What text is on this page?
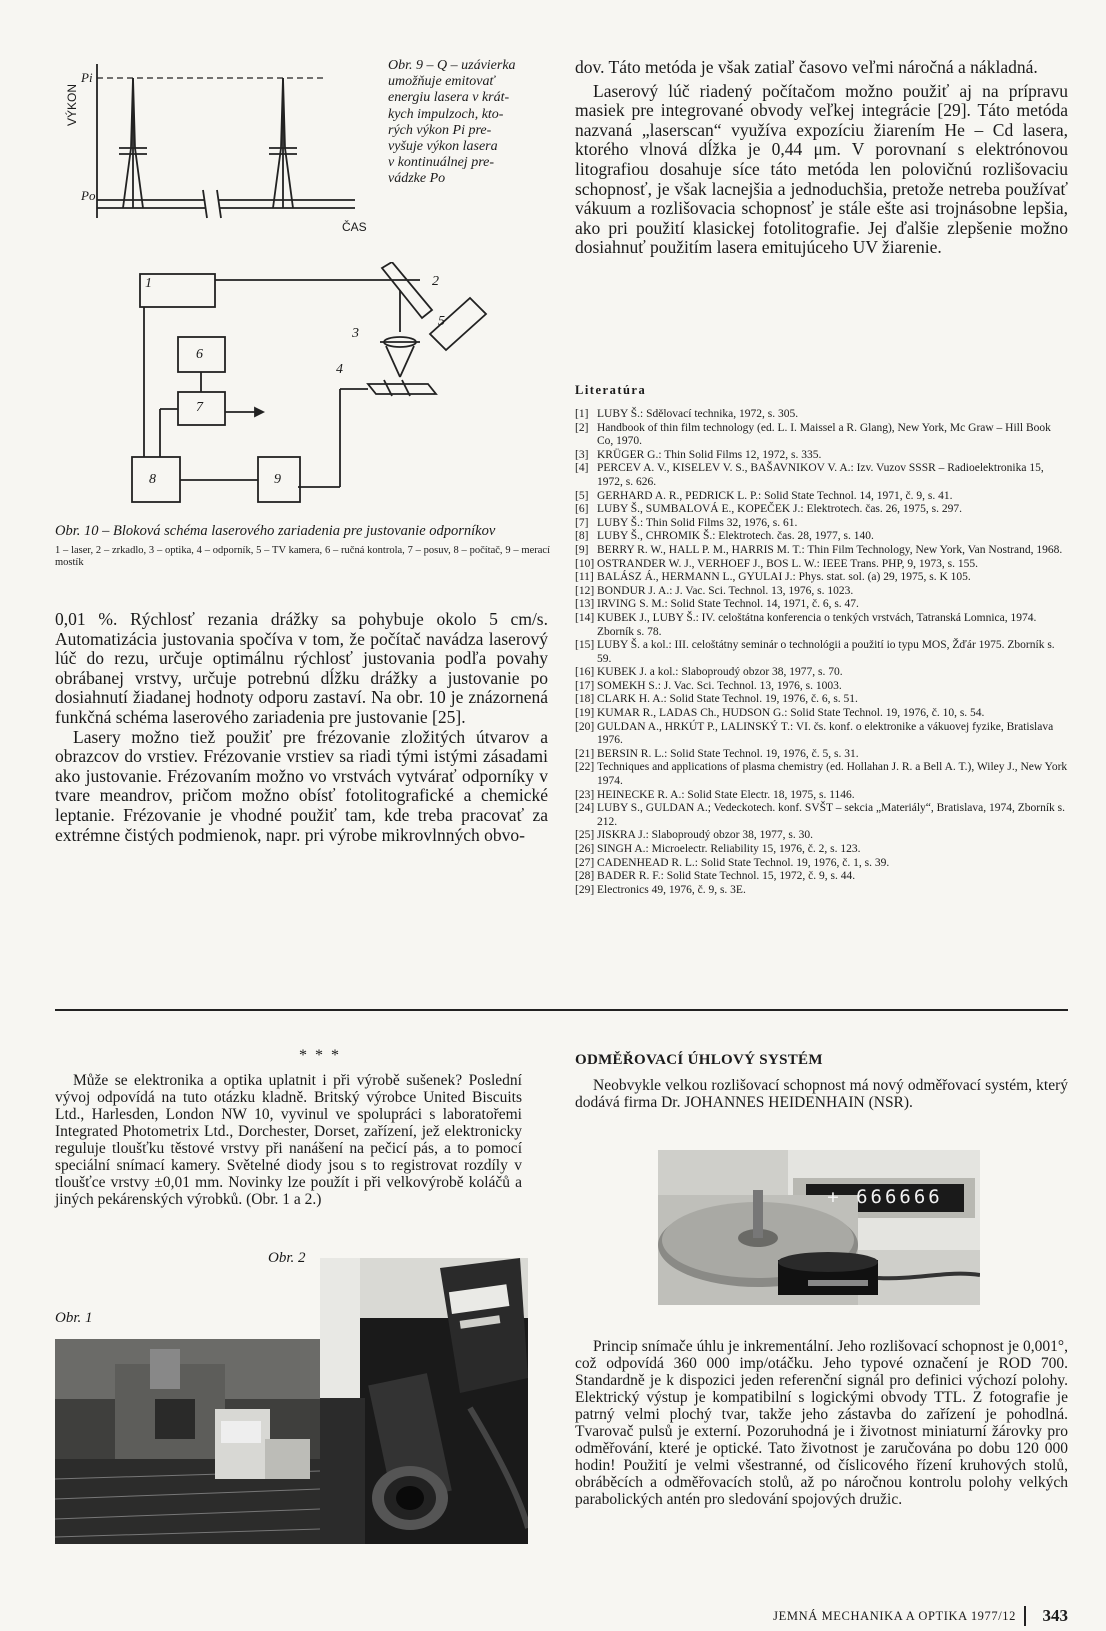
VÝKON
Pi
Po
ČAS
Obr. 9 – Q – uzávierka
umožňuje emitovať
energiu lasera v krát-
kych impulzoch, kto-
rých výkon Pi pre-
vyšuje výkon lasera
v kontinuálnej pre-
vádzke Po
1	2
3
4
5
6
7
8	9
Obr. 10 – Bloková schéma laserového zariadenia pre justovanie odporníkov
1 – laser, 2 – zrkadlo, 3 – optika, 4 – odporník, 5 – TV kamera, 6 – ručná kontrola, 7 – posuv, 8 – počítač, 9 – merací mostík

0,01 %. Rýchlosť rezania drážky sa pohybuje okolo 5 cm/s. Automatizácia justovania spočíva v tom, že počítač navádza laserový lúč do rezu, určuje optimálnu rýchlosť justovania podľa povahy obrábanej vrstvy, určuje potrebnú dĺžku drážky a justovanie po dosiahnutí žiadanej hodnoty odporu zastaví. Na obr. 10 je znázornená funkčná schéma laserového zariadenia pre justovanie [25].

Lasery možno tiež použiť pre frézovanie zložitých útvarov a obrazcov do vrstiev. Frézovanie vrstiev sa riadi tými istými zásadami ako justovanie. Frézovaním možno vo vrstvách vytvárať odporníky v tvare meandrov, pričom možno obísť fotolitografické a chemické leptanie. Frézovanie je vhodné použiť tam, kde treba pracovať za extrémne čistých podmienok, napr. pri výrobe mikrovlnných obvo-

dov. Táto metóda je však zatiaľ časovo veľmi náročná a nákladná.

Laserový lúč riadený počítačom možno použiť aj na prípravu masiek pre integrované obvody veľkej integrácie [29]. Táto metóda nazvaná „laserscan“ využíva expozíciu žiarením He – Cd lasera, ktorého vlnová dĺžka je 0,44 μm. V porovnaní s elektrónovou litografiou dosahuje síce táto metóda len polovičnú rozlišovaciu schopnosť, je však lacnejšia a jednoduchšia, pretože netreba používať vákuum a rozlišovacia schopnosť je stále ešte asi trojnásobne lepšia, ako pri použití klasickej fotolitografie. Jej ďalšie zlepšenie možno dosiahnuť použitím lasera emitujúceho UV žiarenie.

Literatúra
[1] LUBY Š.: Sdělovací technika, 1972, s. 305.
[2] Handbook of thin film technology (ed. L. I. Maissel a R. Glang), New York, Mc Graw – Hill Book Co, 1970.
[3] KRÜGER G.: Thin Solid Films 12, 1972, s. 335.
[4] PERCEV A. V., KISELEV V. S., BAŠAVNIKOV V. A.: Izv. Vuzov SSSR – Radioelektronika 15, 1972, s. 626.
[5] GERHARD A. R., PEDRICK L. P.: Solid State Technol. 14, 1971, č. 9, s. 41.
[6] LUBY Š., SUMBALOVÁ E., KOPEČEK J.: Elektrotech. čas. 26, 1975, s. 297.
[7] LUBY Š.: Thin Solid Films 32, 1976, s. 61.
[8] LUBY Š., CHROMIK Š.: Elektrotech. čas. 28, 1977, s. 140.
[9] BERRY R. W., HALL P. M., HARRIS M. T.: Thin Film Technology, New York, Van Nostrand, 1968.
[10] OSTRANDER W. J., VERHOEF J., BOS L. W.: IEEE Trans. PHP, 9, 1973, s. 155.
[11] BALÁSZ Á., HERMANN L., GYULAI J.: Phys. stat. sol. (a) 29, 1975, s. K 105.
[12] BONDUR J. A.: J. Vac. Sci. Technol. 13, 1976, s. 1023.
[13] IRVING S. M.: Solid State Technol. 14, 1971, č. 6, s. 47.
[14] KUBEK J., LUBY Š.: IV. celoštátna konferencia o tenkých vrstvách, Tatranská Lomnica, 1974. Zborník s. 78.
[15] LUBY Š. a kol.: III. celoštátny seminár o technológii a použití io typu MOS, Žďár 1975. Zborník s. 59.
[16] KUBEK J. a kol.: Slaboproudý obzor 38, 1977, s. 70.
[17] SOMEKH S.: J. Vac. Sci. Technol. 13, 1976, s. 1003.
[18] CLARK H. A.: Solid State Technol. 19, 1976, č. 6, s. 51.
[19] KUMAR R., LADAS Ch., HUDSON G.: Solid State Technol. 19, 1976, č. 10, s. 54.
[20] GULDAN A., HRKÚT P., LALINSKÝ T.: VI. čs. konf. o elektronike a vákuovej fyzike, Bratislava 1976.
[21] BERSIN R. L.: Solid State Technol. 19, 1976, č. 5, s. 31.
[22] Techniques and applications of plasma chemistry (ed. Hollahan J. R. a Bell A. T.), Wiley J., New York 1974.
[23] HEINECKE R. A.: Solid State Electr. 18, 1975, s. 1146.
[24] LUBY S., GULDAN A.; Vedeckotech. konf. SVŠT – sekcia „Materiály“, Bratislava, 1974, Zborník s. 212.
[25] JISKRA J.: Slaboproudý obzor 38, 1977, s. 30.
[26] SINGH A.: Microelectr. Reliability 15, 1976, č. 2, s. 123.
[27] CADENHEAD R. L.: Solid State Technol. 19, 1976, č. 1, s. 39.
[28] BADER R. F.: Solid State Technol. 15, 1972, č. 9, s. 44.
[29] Electronics 49, 1976, č. 9, s. 3E.
* * *
Může se elektronika a optika uplatnit i při výrobě sušenek? Poslední vývoj odpovídá na tuto otázku kladně. Britský výrobce United Biscuits Ltd., Harlesden, London NW 10, vyvinul ve spolupráci s laboratořemi Integrated Photometrix Ltd., Dorchester, Dorset, zařízení, jež elektronicky reguluje tloušťku těstové vrstvy při nanášení na pečicí pás, a to pomocí speciální snímací kamery. Světelné diody jsou s to registrovat rozdíly v tloušťce vrstvy ±0,01 mm. Novinky lze použít i při velkovýrobě koláčů a jiných pekárenských výrobků. (Obr. 1 a 2.)
Obr. 2
Obr. 1
ODMĚŘOVACÍ ÚHLOVÝ SYSTÉM
Neobvykle velkou rozlišovací schopnost má nový odměřovací systém, který dodává firma Dr. JOHANNES HEIDENHAIN (NSR).
+ 666666
Princip snímače úhlu je inkrementální. Jeho rozlišovací schopnost je 0,001°, což odpovídá 360 000 imp/otáčku. Jeho typové označení je ROD 700. Standardně je k dispozici jeden referenční signál pro definici výchozí polohy. Elektrický výstup je kompatibilní s logickými obvody TTL. Z fotografie je patrný velmi plochý tvar, takže jeho zástavba do zařízení je pohodlná. Tvarovač pulsů je externí. Pozoruhodná je i životnost miniaturní žárovky pro odměřování, které je optické. Tato životnost je zaručována po dobu 120 000 hodin! Použití je velmi všestranné, od číslicového řízení kruhových stolů, obráběcích a odměřovacích stolů, až po náročnou kontrolu polohy velkých parabolických antén pro sledování spojových družic.
JEMNÁ MECHANIKA A OPTIKA 1977/12 343
